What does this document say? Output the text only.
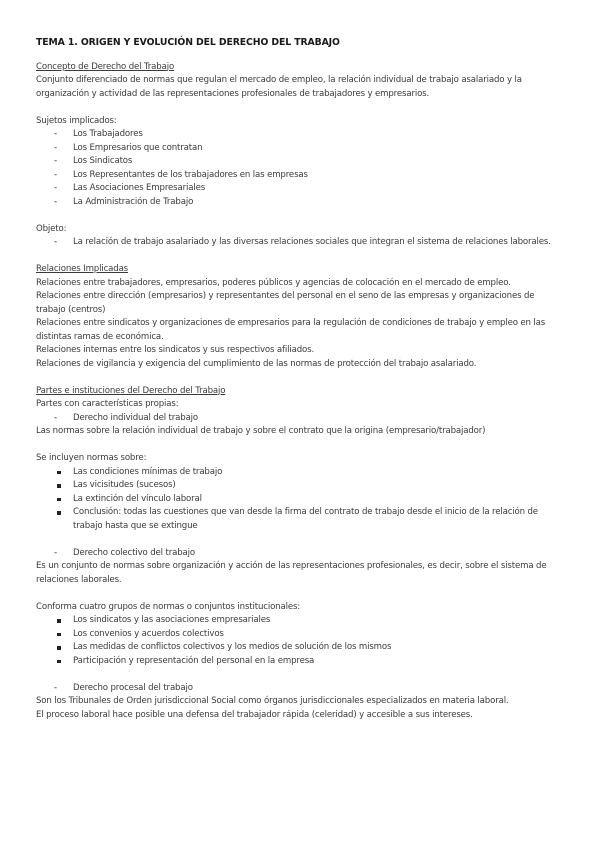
TEMA 1. ORIGEN Y EVOLUCIÓN DEL DERECHO DEL TRABAJO

Concepto de Derecho del Trabajo

Conjunto diferenciado de normas que regulan el mercado de empleo, la relación individual de trabajo asalariado y la organización y actividad de las representaciones profesionales de trabajadores y empresarios.

Sujetos implicados:

- Los Trabajadores
- Los Empresarios que contratan
- Los Sindicatos
- Los Representantes de los trabajadores en las empresas
- Las Asociaciones Empresariales
- La Administración de Trabajo

Objeto:

- La relación de trabajo asalariado y las diversas relaciones sociales que integran el sistema de relaciones laborales.

Relaciones Implicadas

Relaciones entre trabajadores, empresarios, poderes públicos y agencias de colocación en el mercado de empleo.

Relaciones entre dirección (empresarios) y representantes del personal en el seno de las empresas y organizaciones de trabajo (centros)

Relaciones entre sindicatos y organizaciones de empresarios para la regulación de condiciones de trabajo y empleo en las distintas ramas de económica.

Relaciones internas entre los sindicatos y sus respectivos afiliados.

Relaciones de vigilancia y exigencia del cumplimiento de las normas de protección del trabajo asalariado.

Partes e instituciones del Derecho del Trabajo

Partes con características propias:

- Derecho individual del trabajo

Las normas sobre la relación individual de trabajo y sobre el contrato que la origina (empresario/trabajador)

Se incluyen normas sobre:

Las condiciones mínimas de trabajo
Las vicisitudes (sucesos)
La extinción del vínculo laboral
Conclusión: todas las cuestiones que van desde la firma del contrato de trabajo desde el inicio de la relación de trabajo hasta que se extingue

- Derecho colectivo del trabajo

Es un conjunto de normas sobre organización y acción de las representaciones profesionales, es decir, sobre el sistema de relaciones laborales.

Conforma cuatro grupos de normas o conjuntos institucionales:

Los sindicatos y las asociaciones empresariales
Los convenios y acuerdos colectivos
Las medidas de conflictos colectivos y los medios de solución de los mismos
Participación y representación del personal en la empresa

- Derecho procesal del trabajo

Son los Tribunales de Orden jurisdiccional Social como órganos jurisdiccionales especializados en materia laboral.

El proceso laboral hace posible una defensa del trabajador rápida (celeridad) y accesible a sus intereses.
